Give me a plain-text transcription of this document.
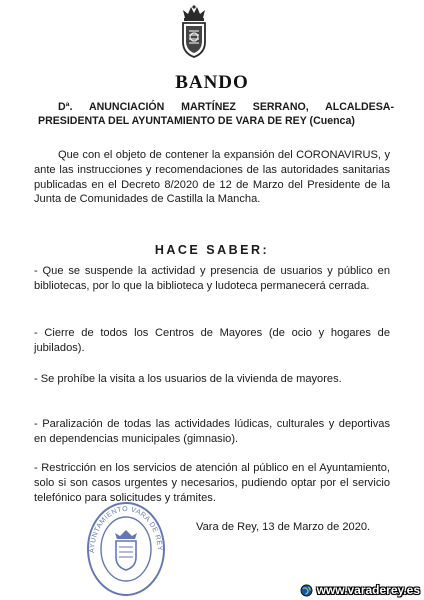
BANDO
Dª. ANUNCIACIÓN MARTÍNEZ SERRANO, ALCALDESA-PRESIDENTA DEL AYUNTAMIENTO DE VARA DE REY (Cuenca)
Que con el objeto de contener la expansión del CORONAVIRUS, y ante las instrucciones y recomendaciones de las autoridades sanitarias publicadas en el Decreto 8/2020 de 12 de Marzo del Presidente de la Junta de Comunidades de Castilla la Mancha.
HACE SABER:
- Que se suspende la actividad y presencia de usuarios y público en bibliotecas, por lo que la biblioteca y ludoteca permanecerá cerrada.
- Cierre de todos los Centros de Mayores (de ocio y hogares de jubilados).
- Se prohíbe la visita a los usuarios de la vivienda de mayores.
- Paralización de todas las actividades lúdicas, culturales y deportivas en dependencias municipales (gimnasio).
- Restricción en los servicios de atención al público en el Ayuntamiento, solo si son casos urgentes y necesarios, pudiendo optar por el servicio telefónico para solicitudes y trámites.
AYUNTAMIENTO VARA DE REY
Vara de Rey, 13 de Marzo de 2020.
www.varaderey.es
